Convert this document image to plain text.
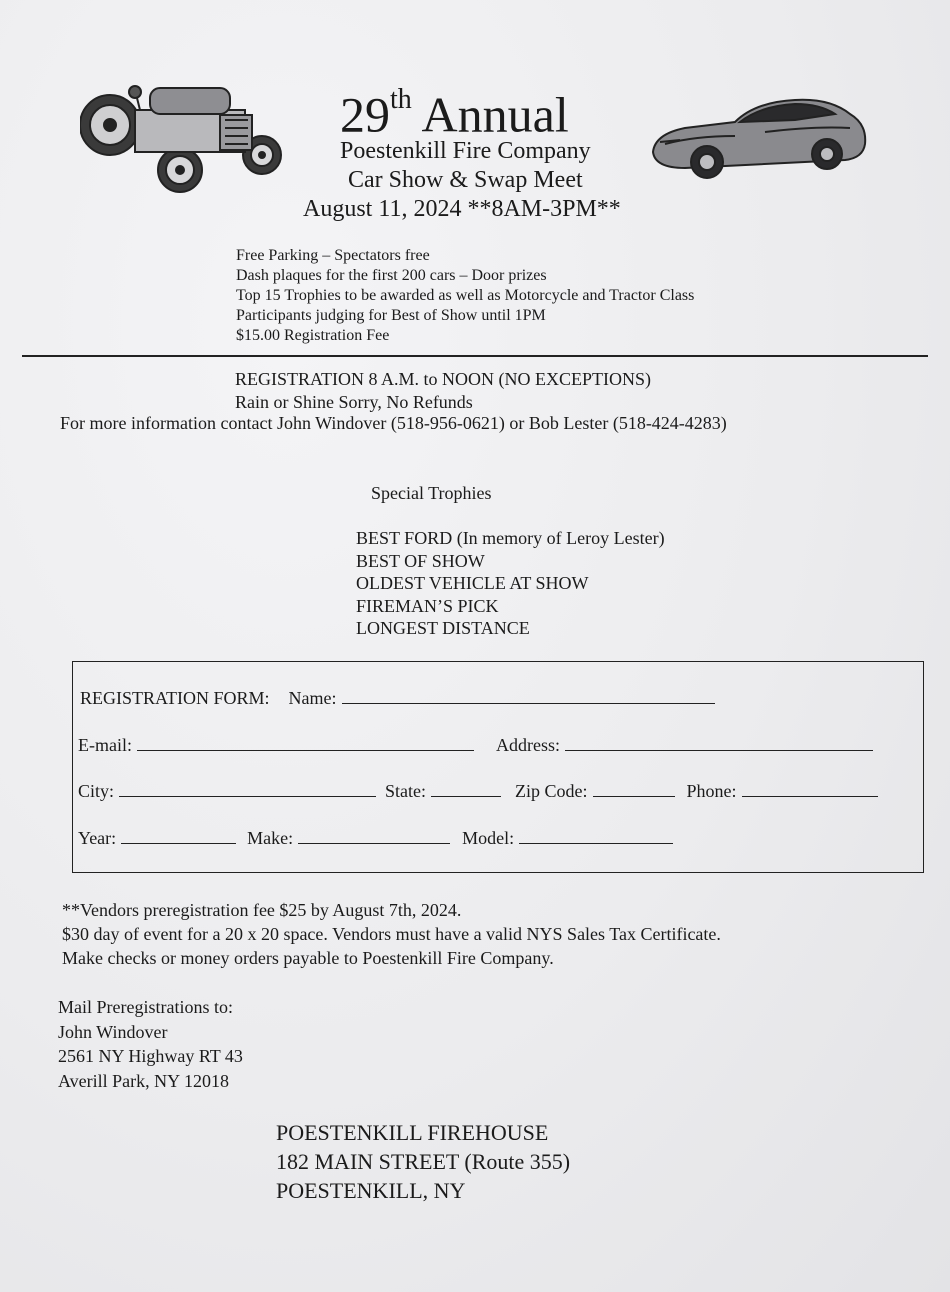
29th Annual
Poestenkill Fire Company
Car Show & Swap Meet
August 11, 2024 **8AM-3PM**
Free Parking – Spectators free
Dash plaques for the first 200 cars – Door prizes
Top 15 Trophies to be awarded as well as Motorcycle and Tractor Class
Participants judging for Best of Show until 1PM
$15.00 Registration Fee
REGISTRATION 8 A.M. to NOON (NO EXCEPTIONS)
Rain or Shine Sorry, No Refunds
For more information contact John Windover (518-956-0621) or Bob Lester (518-424-4283)
Special Trophies
BEST FORD (In memory of Leroy Lester)
BEST OF SHOW
OLDEST VEHICLE AT SHOW
FIREMAN’S PICK
LONGEST DISTANCE
REGISTRATION FORM: Name:
E-mail:	Address:
City:	State:	Zip Code:	Phone:
Year:	Make:	Model:
**Vendors preregistration fee $25 by August 7th, 2024.
$30 day of event for a 20 x 20 space. Vendors must have a valid NYS Sales Tax Certificate.
Make checks or money orders payable to Poestenkill Fire Company.
Mail Preregistrations to:
John Windover
2561 NY Highway RT 43
Averill Park, NY 12018
POESTENKILL FIREHOUSE
182 MAIN STREET (Route 355)
POESTENKILL, NY
